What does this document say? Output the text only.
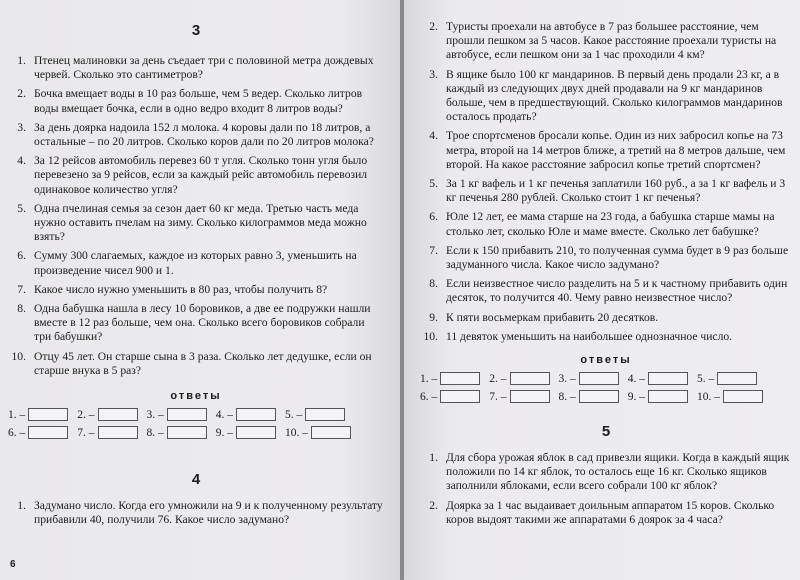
3
1. Птенец малиновки за день съедает три с половиной метра дождевых червей. Сколько это сантиметров?
2. Бочка вмещает воды в 10 раз больше, чем 5 ведер. Сколько литров воды вмещает бочка, если в одно ведро входит 8 литров воды?
3. За день доярка надоила 152 л молока. 4 коровы дали по 18 литров, а остальные – по 20 литров. Сколько коров дали по 20 литров молока?
4. За 12 рейсов автомобиль перевез 60 т угля. Сколько тонн угля было перевезено за 9 рейсов, если за каждый рейс автомобиль перевозил одинаковое количество угля?
5. Одна пчелиная семья за сезон дает 60 кг меда. Третью часть меда нужно оставить пчелам на зиму. Сколько килограммов меда можно взять?
6. Сумму 300 слагаемых, каждое из которых равно 3, уменьшить на произведение чисел 900 и 1.
7. Какое число нужно уменьшить в 80 раз, чтобы получить 8?
8. Одна бабушка нашла в лесу 10 боровиков, а две ее подружки нашли вместе в 12 раз больше, чем она. Сколько всего боровиков собрали три бабушки?
10. Отцу 45 лет. Он старше сына в 3 раза. Сколько лет дедушке, если он старше внука в 5 раз?
ответы
1. –	2. –	3. –	4. –	5. –
6. –	7. –	8. –	9. –	10. –
4
1. Задумано число. Когда его умножили на 9 и к полученному результату прибавили 40, получили 76. Какое число задумано?
6
2. Туристы проехали на автобусе в 7 раз большее расстояние, чем прошли пешком за 5 часов. Какое расстояние проехали туристы на автобусе, если пешком они за 1 час проходили 4 км?
3. В ящике было 100 кг мандаринов. В первый день продали 23 кг, а в каждый из следующих двух дней продавали на 9 кг мандаринов больше, чем в предшествующий. Сколько килограммов мандаринов осталось продать?
4. Трое спортсменов бросали копье. Один из них забросил копье на 73 метра, второй на 14 метров ближе, а третий на 8 метров дальше, чем второй. На какое расстояние забросил копье третий спортсмен?
5. За 1 кг вафель и 1 кг печенья заплатили 160 руб., а за 1 кг вафель и 3 кг печенья 280 рублей. Сколько стоит 1 кг печенья?
6. Юле 12 лет, ее мама старше на 23 года, а бабушка старше мамы на столько лет, сколько Юле и маме вместе. Сколько лет бабушке?
7. Если к 150 прибавить 210, то полученная сумма будет в 9 раз больше задуманного числа. Какое число задумано?
8. Если неизвестное число разделить на 5 и к частному прибавить один десяток, то получится 40. Чему равно неизвестное число?
9. К пяти восьмеркам прибавить 20 десятков.
10. 11 девяток уменьшить на наибольшее однозначное число.
ответы
1. –	2. –	3. –	4. –	5. –
6. –	7. –	8. –	9. –	10. –
5
1. Для сбора урожая яблок в сад привезли ящики. Когда в каждый ящик положили по 14 кг яблок, то осталось еще 16 кг. Сколько ящиков заполнили яблоками, если всего собрали 100 кг яблок?
2. Доярка за 1 час выдаивает доильным аппаратом 15 коров. Сколько коров выдоят такими же аппаратами 6 доярок за 4 часа?
